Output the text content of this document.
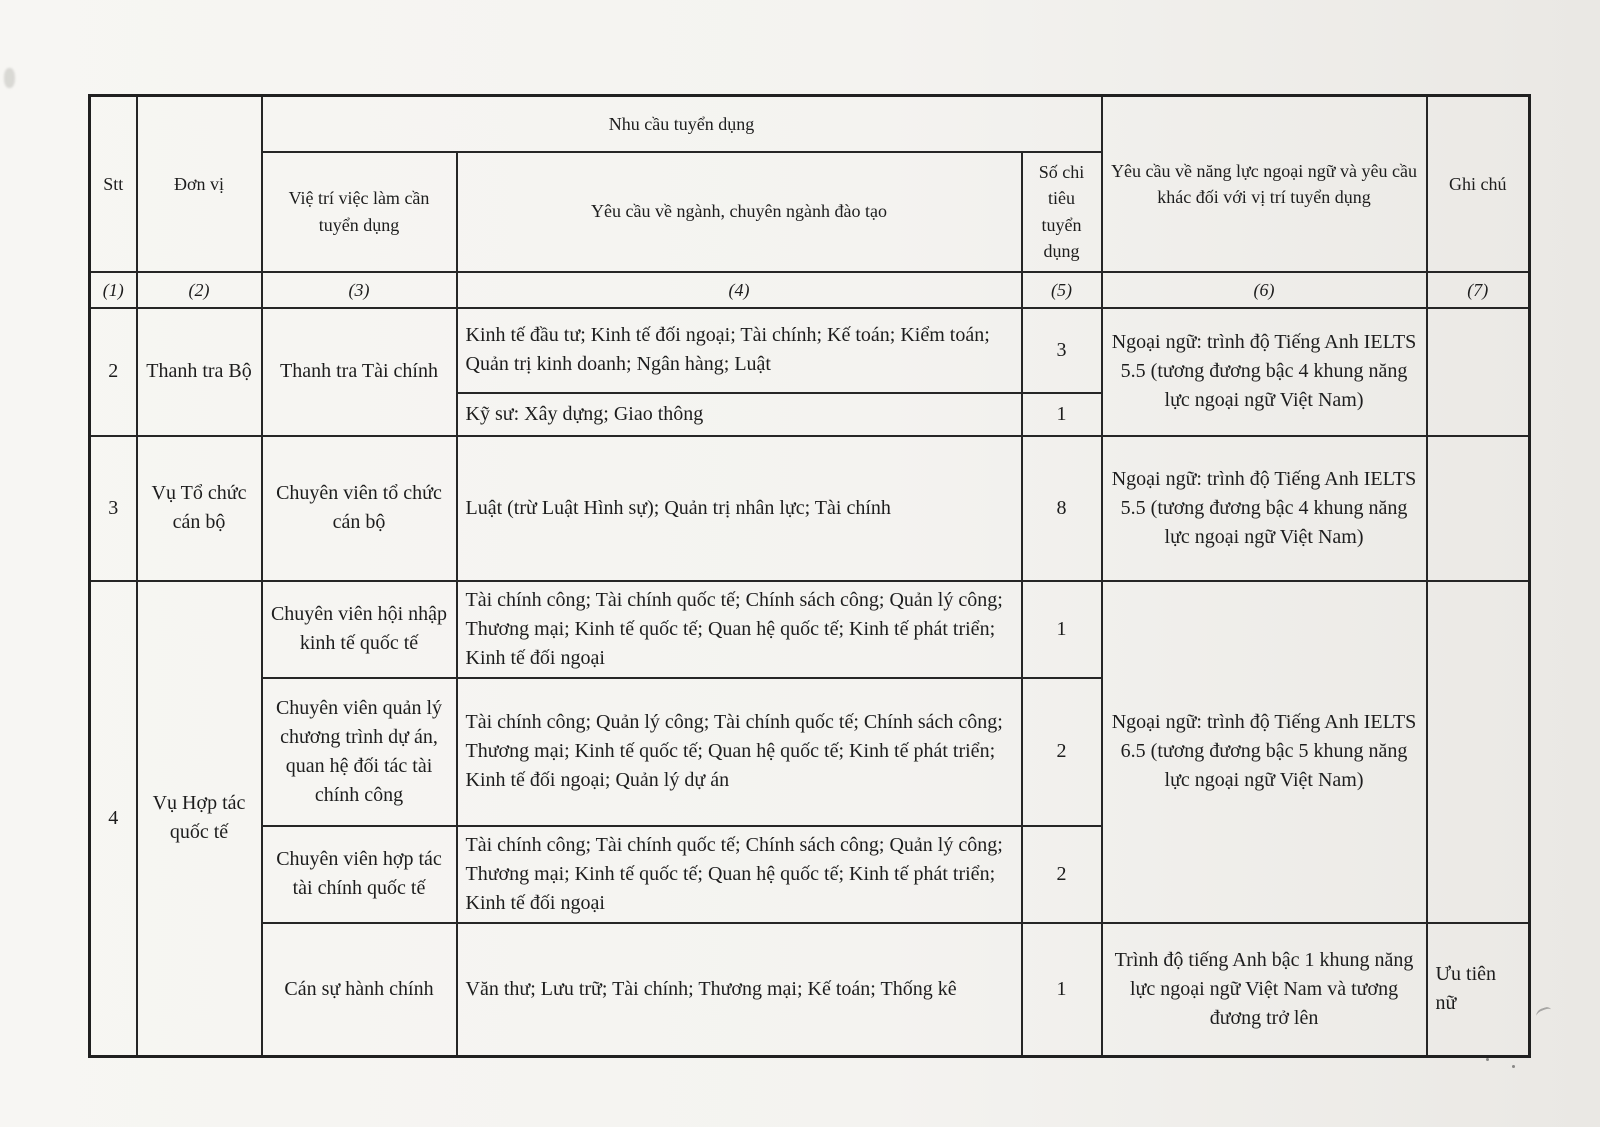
Stt	Đơn vị	Nhu cầu tuyển dụng			Yêu cầu về năng lực ngoại ngữ và yêu cầu khác đối với vị trí tuyển dụng	Ghi chú
		Việ trí việc làm cần tuyển dụng	Yêu cầu về ngành, chuyên ngành đào tạo	Số chi tiêu tuyển dụng		
(1)	(2)	(3)	(4)	(5)	(6)	(7)
2	Thanh tra Bộ	Thanh tra Tài chính	Kinh tế đầu tư; Kinh tế đối ngoại; Tài chính; Kế toán; Kiểm toán; Quản trị kinh doanh; Ngân hàng; Luật	3	Ngoại ngữ: trình độ Tiếng Anh IELTS 5.5 (tương đương bậc 4 khung năng lực ngoại ngữ Việt Nam)	
			Kỹ sư: Xây dựng; Giao thông	1		
3	Vụ Tổ chức cán bộ	Chuyên viên tổ chức cán bộ	Luật (trừ Luật Hình sự); Quản trị nhân lực; Tài chính	8	Ngoại ngữ: trình độ Tiếng Anh IELTS 5.5 (tương đương bậc 4 khung năng lực ngoại ngữ Việt Nam)	
4	Vụ Hợp tác quốc tế	Chuyên viên hội nhập kinh tế quốc tế	Tài chính công; Tài chính quốc tế; Chính sách công; Quản lý công; Thương mại; Kinh tế quốc tế; Quan hệ quốc tế; Kinh tế phát triển; Kinh tế đối ngoại	1	Ngoại ngữ: trình độ Tiếng Anh IELTS 6.5 (tương đương bậc 5 khung năng lực ngoại ngữ Việt Nam)	
		Chuyên viên quản lý chương trình dự án, quan hệ đối tác tài chính công	Tài chính công; Quản lý công; Tài chính quốc tế; Chính sách công; Thương mại; Kinh tế quốc tế; Quan hệ quốc tế; Kinh tế phát triển; Kinh tế đối ngoại; Quản lý dự án	2		
		Chuyên viên hợp tác tài chính quốc tế	Tài chính công; Tài chính quốc tế; Chính sách công; Quản lý công; Thương mại; Kinh tế quốc tế; Quan hệ quốc tế; Kinh tế phát triển; Kinh tế đối ngoại	2		
		Cán sự hành chính	Văn thư; Lưu trữ; Tài chính; Thương mại; Kế toán; Thống kê	1	Trình độ tiếng Anh bậc 1 khung năng lực ngoại ngữ Việt Nam và tương đương trở lên	Ưu tiên nữ
